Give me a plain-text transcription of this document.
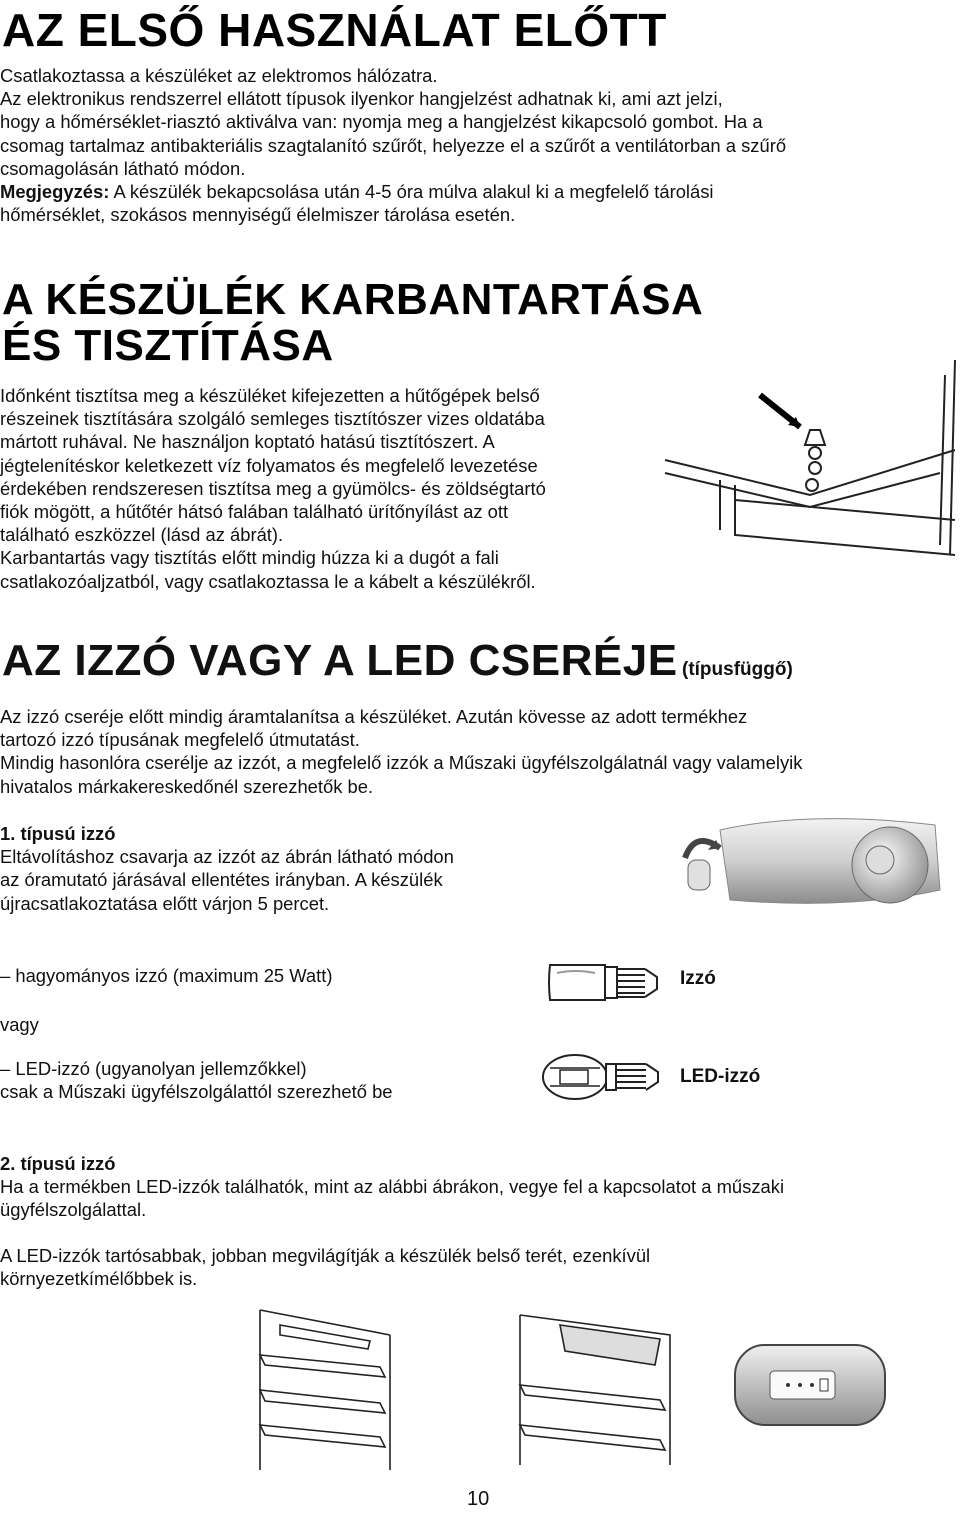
AZ ELSŐ HASZNÁLAT ELŐTT
Csatlakoztassa a készüléket az elektromos hálózatra.
Az elektronikus rendszerrel ellátott típusok ilyenkor hangjelzést adhatnak ki, ami azt jelzi,
hogy a hőmérséklet-riasztó aktiválva van: nyomja meg a hangjelzést kikapcsoló gombot. Ha a
csomag tartalmaz antibakteriális szagtalanító szűrőt, helyezze el a szűrőt a ventilátorban a szűrő
csomagolásán látható módon.
Megjegyzés: A készülék bekapcsolása után 4-5 óra múlva alakul ki a megfelelő tárolási
hőmérséklet, szokásos mennyiségű élelmiszer tárolása esetén.
A KÉSZÜLÉK KARBANTARTÁSA
ÉS TISZTÍTÁSA
Időnként tisztítsa meg a készüléket kifejezetten a hűtőgépek belső
részeinek tisztítására szolgáló semleges tisztítószer vizes oldatába
mártott ruhával. Ne használjon koptató hatású tisztítószert. A
jégtelenítéskor keletkezett víz folyamatos és megfelelő levezetése
érdekében rendszeresen tisztítsa meg a gyümölcs- és zöldségtartó
fiók mögött, a hűtőtér hátsó falában található ürítőnyílást az ott
található eszközzel (lásd az ábrát).
Karbantartás vagy tisztítás előtt mindig húzza ki a dugót a fali
csatlakozóaljzatból, vagy csatlakoztassa le a kábelt a készülékről.
AZ IZZÓ VAGY A LED CSERÉJE (típusfüggő)
Az izzó cseréje előtt mindig áramtalanítsa a készüléket. Azután kövesse az adott termékhez
tartozó izzó típusának megfelelő útmutatást.
Mindig hasonlóra cserélje az izzót, a megfelelő izzók a Műszaki ügyfélszolgálatnál vagy valamelyik
hivatalos márkakereskedőnél szerezhetők be.
1. típusú izzó
Eltávolításhoz csavarja az izzót az ábrán látható módon
az óramutató járásával ellentétes irányban. A készülék
újracsatlakoztatása előtt várjon 5 percet.
– hagyományos izzó (maximum 25 Watt)
vagy
– LED-izzó (ugyanolyan jellemzőkkel)
csak a Műszaki ügyfélszolgálattól szerezhető be
Izzó
LED-izzó
2. típusú izzó
Ha a termékben LED-izzók találhatók, mint az alábbi ábrákon, vegye fel a kapcsolatot a műszaki
ügyfélszolgálattal.
A LED-izzók tartósabbak, jobban megvilágítják a készülék belső terét, ezenkívül
környezetkímélőbbek is.
10
